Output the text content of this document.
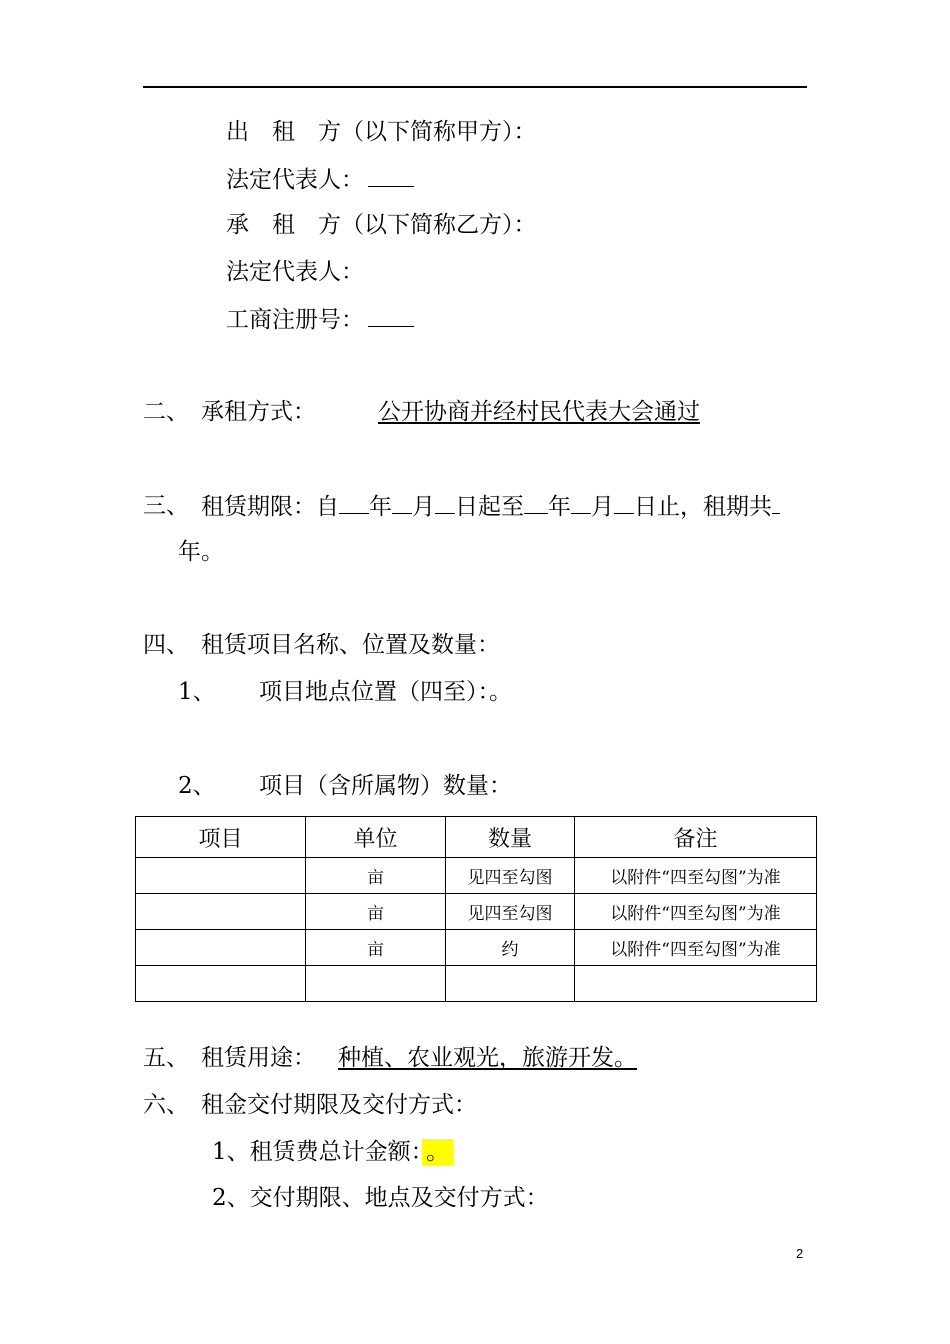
出　租　方（以下简称甲方）：
法定代表人：
承　租　方（以下简称乙方）：
法定代表人：
工商注册号：
二、 承租方式：	公开协商并经村民代表大会通过
三、 租赁期限：自 年 月 日起至 年 月 日止，租期共
年。
四、 租赁项目名称、位置及数量：
1、 项目地点位置（四至）：。
2、 项目（含所属物）数量：
项目	单位	数量	备注
	亩	见四至勾图	以附件“四至勾图”为准
	亩	见四至勾图	以附件“四至勾图”为准
	亩	约	以附件“四至勾图”为准

五、 租赁用途： 种植、农业观光，旅游开发。
六、 租金交付期限及交付方式：
1、租赁费总计金额： 。
2、交付期限、地点及交付方式：
2
